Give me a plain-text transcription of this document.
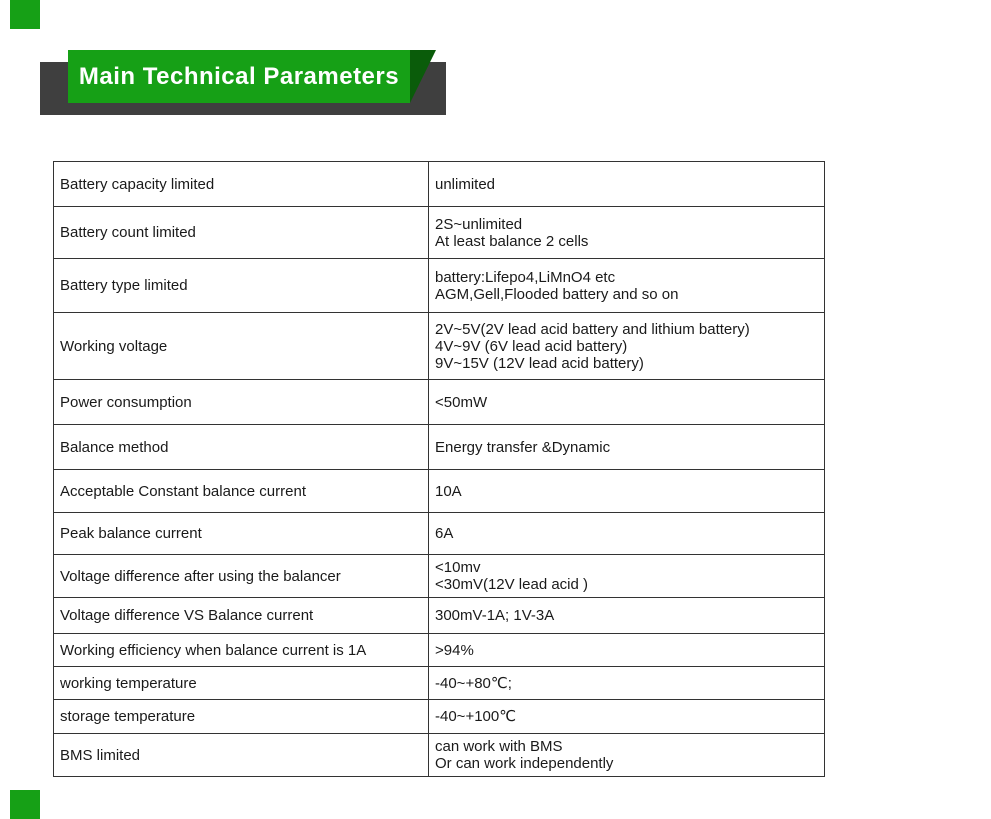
Main Technical Parameters
Battery capacity limited	unlimited

Battery count limited	2S~unlimited
At least balance 2 cells

Battery type limited	battery:Lifepo4,LiMnO4 etc
AGM,Gell,Flooded battery and so on

Working voltage	2V~5V(2V lead acid battery and lithium battery)
4V~9V (6V lead acid battery)
9V~15V (12V lead acid battery)

Power consumption	<50mW

Balance method	Energy transfer &Dynamic

Acceptable Constant balance current	10A

Peak balance current	6A

Voltage difference after using the balancer	<10mv
<30mV(12V lead acid )

Voltage difference VS Balance current	300mV-1A; 1V-3A

Working efficiency when balance current is 1A	>94%

working temperature	-40~+80℃;

storage temperature	-40~+100℃

BMS limited	can work with BMS
Or can work independently
